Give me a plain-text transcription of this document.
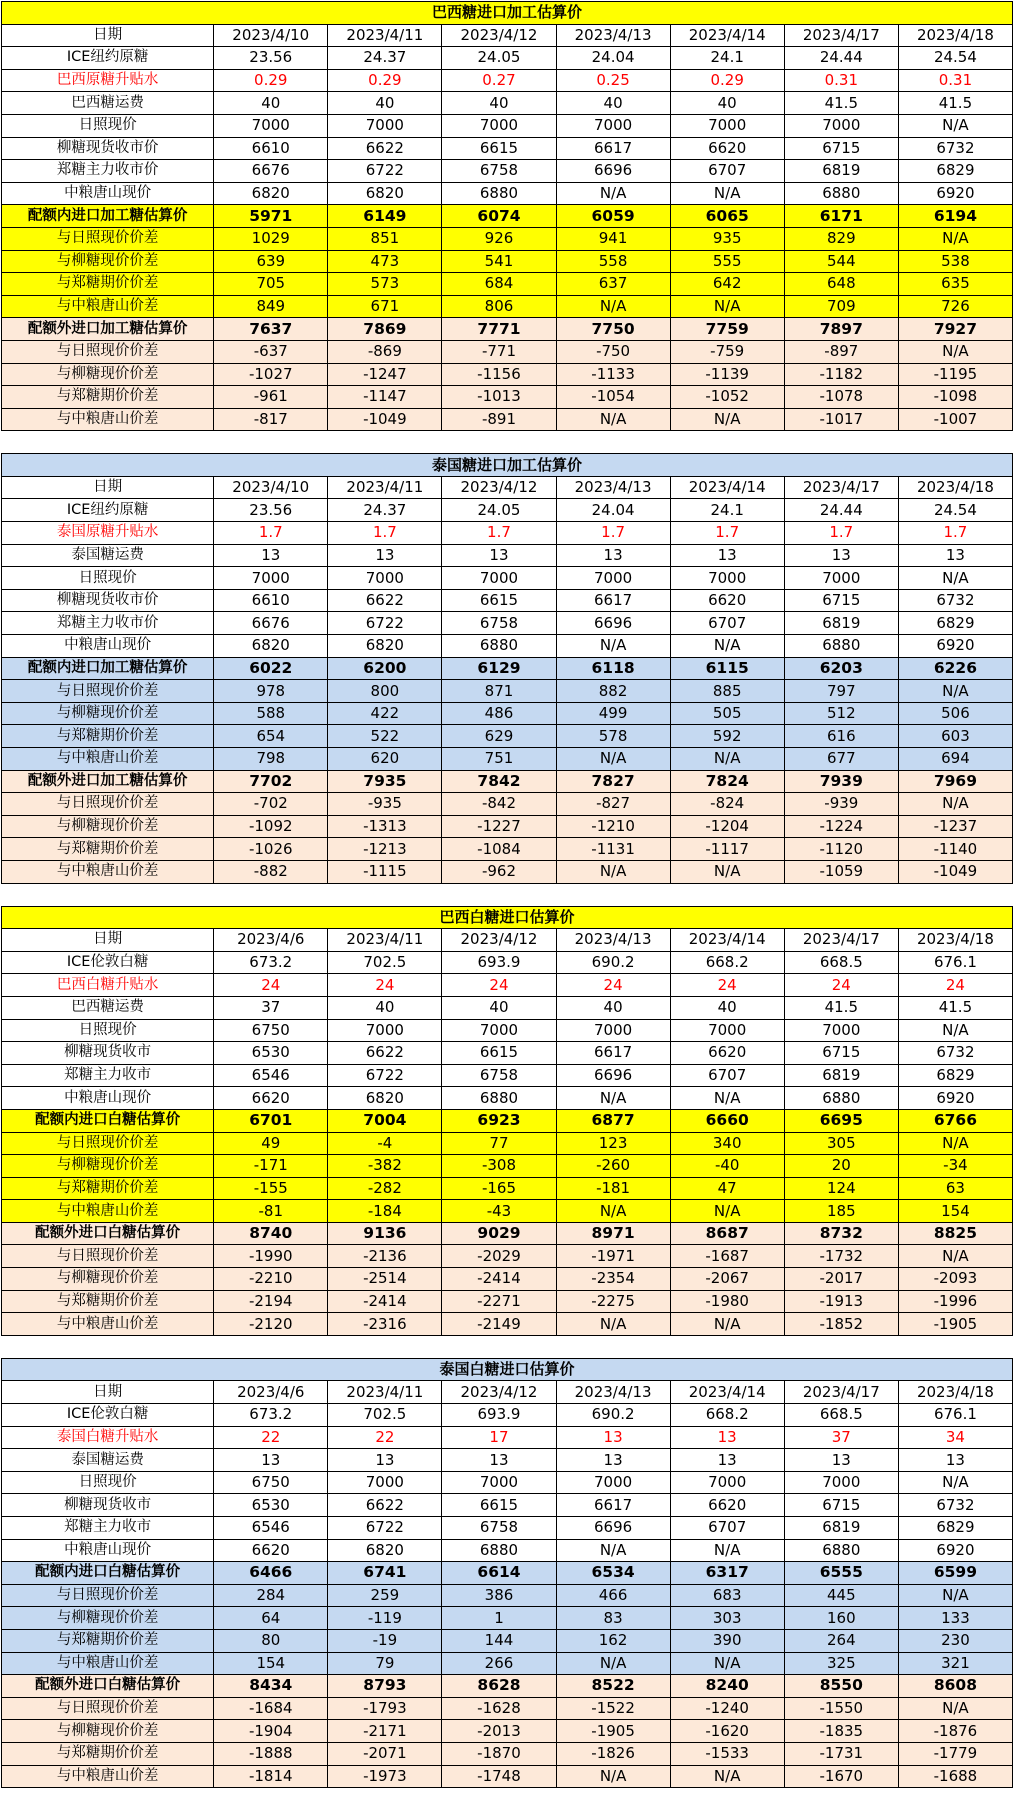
巴西糖进口加工估算价							
日期	2023/4/10	2023/4/11	2023/4/12	2023/4/13	2023/4/14	2023/4/17	2023/4/18
ICE纽约原糖	23.56	24.37	24.05	24.04	24.1	24.44	24.54
巴西原糖升贴水	0.29	0.29	0.27	0.25	0.29	0.31	0.31
巴西糖运费	40	40	40	40	40	41.5	41.5
日照现价	7000	7000	7000	7000	7000	7000	N/A
柳糖现货收市价	6610	6622	6615	6617	6620	6715	6732
郑糖主力收市价	6676	6722	6758	6696	6707	6819	6829
中粮唐山现价	6820	6820	6880	N/A	N/A	6880	6920
配额内进口加工糖估算价	5971	6149	6074	6059	6065	6171	6194
与日照现价价差	1029	851	926	941	935	829	N/A
与柳糖现价价差	639	473	541	558	555	544	538
与郑糖期价价差	705	573	684	637	642	648	635
与中粮唐山价差	849	671	806	N/A	N/A	709	726
配额外进口加工糖估算价	7637	7869	7771	7750	7759	7897	7927
与日照现价价差	-637	-869	-771	-750	-759	-897	N/A
与柳糖现价价差	-1027	-1247	-1156	-1133	-1139	-1182	-1195
与郑糖期价价差	-961	-1147	-1013	-1054	-1052	-1078	-1098
与中粮唐山价差	-817	-1049	-891	N/A	N/A	-1017	-1007
泰国糖进口加工估算价							
日期	2023/4/10	2023/4/11	2023/4/12	2023/4/13	2023/4/14	2023/4/17	2023/4/18
ICE纽约原糖	23.56	24.37	24.05	24.04	24.1	24.44	24.54
泰国原糖升贴水	1.7	1.7	1.7	1.7	1.7	1.7	1.7
泰国糖运费	13	13	13	13	13	13	13
日照现价	7000	7000	7000	7000	7000	7000	N/A
柳糖现货收市价	6610	6622	6615	6617	6620	6715	6732
郑糖主力收市价	6676	6722	6758	6696	6707	6819	6829
中粮唐山现价	6820	6820	6880	N/A	N/A	6880	6920
配额内进口加工糖估算价	6022	6200	6129	6118	6115	6203	6226
与日照现价价差	978	800	871	882	885	797	N/A
与柳糖现价价差	588	422	486	499	505	512	506
与郑糖期价价差	654	522	629	578	592	616	603
与中粮唐山价差	798	620	751	N/A	N/A	677	694
配额外进口加工糖估算价	7702	7935	7842	7827	7824	7939	7969
与日照现价价差	-702	-935	-842	-827	-824	-939	N/A
与柳糖现价价差	-1092	-1313	-1227	-1210	-1204	-1224	-1237
与郑糖期价价差	-1026	-1213	-1084	-1131	-1117	-1120	-1140
与中粮唐山价差	-882	-1115	-962	N/A	N/A	-1059	-1049
巴西白糖进口估算价							
日期	2023/4/6	2023/4/11	2023/4/12	2023/4/13	2023/4/14	2023/4/17	2023/4/18
ICE伦敦白糖	673.2	702.5	693.9	690.2	668.2	668.5	676.1
巴西白糖升贴水	24	24	24	24	24	24	24
巴西糖运费	37	40	40	40	40	41.5	41.5
日照现价	6750	7000	7000	7000	7000	7000	N/A
柳糖现货收市	6530	6622	6615	6617	6620	6715	6732
郑糖主力收市	6546	6722	6758	6696	6707	6819	6829
中粮唐山现价	6620	6820	6880	N/A	N/A	6880	6920
配额内进口白糖估算价	6701	7004	6923	6877	6660	6695	6766
与日照现价价差	49	-4	77	123	340	305	N/A
与柳糖现价价差	-171	-382	-308	-260	-40	20	-34
与郑糖期价价差	-155	-282	-165	-181	47	124	63
与中粮唐山价差	-81	-184	-43	N/A	N/A	185	154
配额外进口白糖估算价	8740	9136	9029	8971	8687	8732	8825
与日照现价价差	-1990	-2136	-2029	-1971	-1687	-1732	N/A
与柳糖现价价差	-2210	-2514	-2414	-2354	-2067	-2017	-2093
与郑糖期价价差	-2194	-2414	-2271	-2275	-1980	-1913	-1996
与中粮唐山价差	-2120	-2316	-2149	N/A	N/A	-1852	-1905
泰国白糖进口估算价							
日期	2023/4/6	2023/4/11	2023/4/12	2023/4/13	2023/4/14	2023/4/17	2023/4/18
ICE伦敦白糖	673.2	702.5	693.9	690.2	668.2	668.5	676.1
泰国白糖升贴水	22	22	17	13	13	37	34
泰国糖运费	13	13	13	13	13	13	13
日照现价	6750	7000	7000	7000	7000	7000	N/A
柳糖现货收市	6530	6622	6615	6617	6620	6715	6732
郑糖主力收市	6546	6722	6758	6696	6707	6819	6829
中粮唐山现价	6620	6820	6880	N/A	N/A	6880	6920
配额内进口白糖估算价	6466	6741	6614	6534	6317	6555	6599
与日照现价价差	284	259	386	466	683	445	N/A
与柳糖现价价差	64	-119	1	83	303	160	133
与郑糖期价价差	80	-19	144	162	390	264	230
与中粮唐山价差	154	79	266	N/A	N/A	325	321
配额外进口白糖估算价	8434	8793	8628	8522	8240	8550	8608
与日照现价价差	-1684	-1793	-1628	-1522	-1240	-1550	N/A
与柳糖现价价差	-1904	-2171	-2013	-1905	-1620	-1835	-1876
与郑糖期价价差	-1888	-2071	-1870	-1826	-1533	-1731	-1779
与中粮唐山价差	-1814	-1973	-1748	N/A	N/A	-1670	-1688
